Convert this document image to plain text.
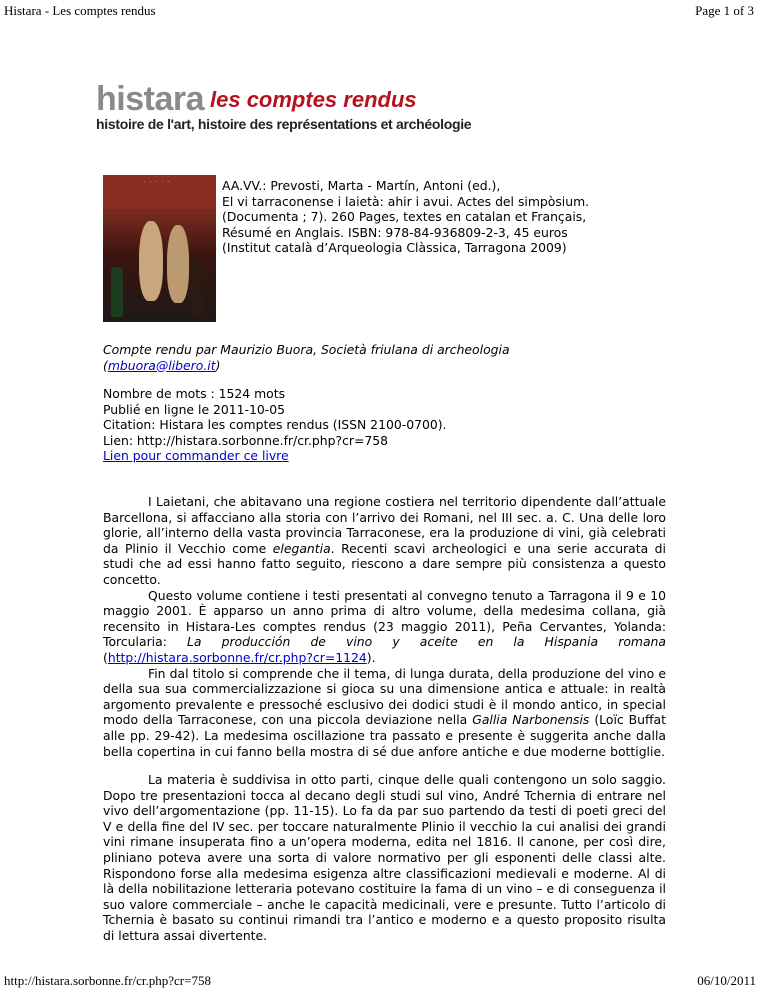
Histara - Les comptes rendus	Page 1 of 3
histara les comptes rendus
histoire de l'art, histoire des représentations et archéologie
· · · · ·	AA.VV.: Prevosti, Marta - Martín, Antoni (ed.),
El vi tarraconense i laietà: ahir i avui. Actes del simpòsium.
(Documenta ; 7). 260 Pages, textes en catalan et Français,
Résumé en Anglais. ISBN: 978-84-936809-2-3, 45 euros
(Institut català d’Arqueologia Clàssica, Tarragona 2009)
Compte rendu par Maurizio Buora, Società friulana di archeologia
(mbuora@libero.it)
Nombre de mots : 1524 mots
Publié en ligne le 2011-10-05
Citation: Histara les comptes rendus (ISSN 2100-0700).
Lien: http://histara.sorbonne.fr/cr.php?cr=758
Lien pour commander ce livre

I Laietani, che abitavano una regione costiera nel territorio dipendente dall’attuale Barcellona, si affacciano alla storia con l’arrivo dei Romani, nel III sec. a. C. Una delle loro glorie, all’interno della vasta provincia Tarraconese, era la produzione di vini, già celebrati da Plinio il Vecchio come elegantia. Recenti scavi archeologici e una serie accurata di studi che ad essi hanno fatto seguito, riescono a dare sempre più consistenza a questo concetto.

Questo volume contiene i testi presentati al convegno tenuto a Tarragona il 9 e 10 maggio 2001. È apparso un anno prima di altro volume, della medesima collana, già recensito in Histara-Les comptes rendus (23 maggio 2011), Peña Cervantes, Yolanda: Torcularia: La producción de vino y aceite en la Hispania romana (http://histara.sorbonne.fr/cr.php?cr=1124).

Fin dal titolo si comprende che il tema, di lunga durata, della produzione del vino e della sua sua commercializzazione si gioca su una dimensione antica e attuale: in realtà argomento prevalente e pressoché esclusivo dei dodici studi è il mondo antico, in special modo della Tarraconese, con una piccola deviazione nella Gallia Narbonensis (Loïc Buffat alle pp. 29-42). La medesima oscillazione tra passato e presente è suggerita anche dalla bella copertina in cui fanno bella mostra di sé due anfore antiche e due moderne bottiglie.

La materia è suddivisa in otto parti, cinque delle quali contengono un solo saggio. Dopo tre presentazioni tocca al decano degli studi sul vino, André Tchernia di entrare nel vivo dell’argomentazione (pp. 11-15). Lo fa da par suo partendo da testi di poeti greci del V e della fine del IV sec. per toccare naturalmente Plinio il vecchio la cui analisi dei grandi vini rimane insuperata fino a un’opera moderna, edita nel 1816. Il canone, per così dire, pliniano poteva avere una sorta di valore normativo per gli esponenti delle classi alte. Rispondono forse alla medesima esigenza altre classificazioni medievali e moderne. Al di là della nobilitazione letteraria potevano costituire la fama di un vino – e di conseguenza il suo valore commerciale – anche le capacità medicinali, vere e presunte. Tutto l’articolo di Tchernia è basato su continui rimandi tra l’antico e moderno e a questo proposito risulta di lettura assai divertente.

http://histara.sorbonne.fr/cr.php?cr=758	06/10/2011
